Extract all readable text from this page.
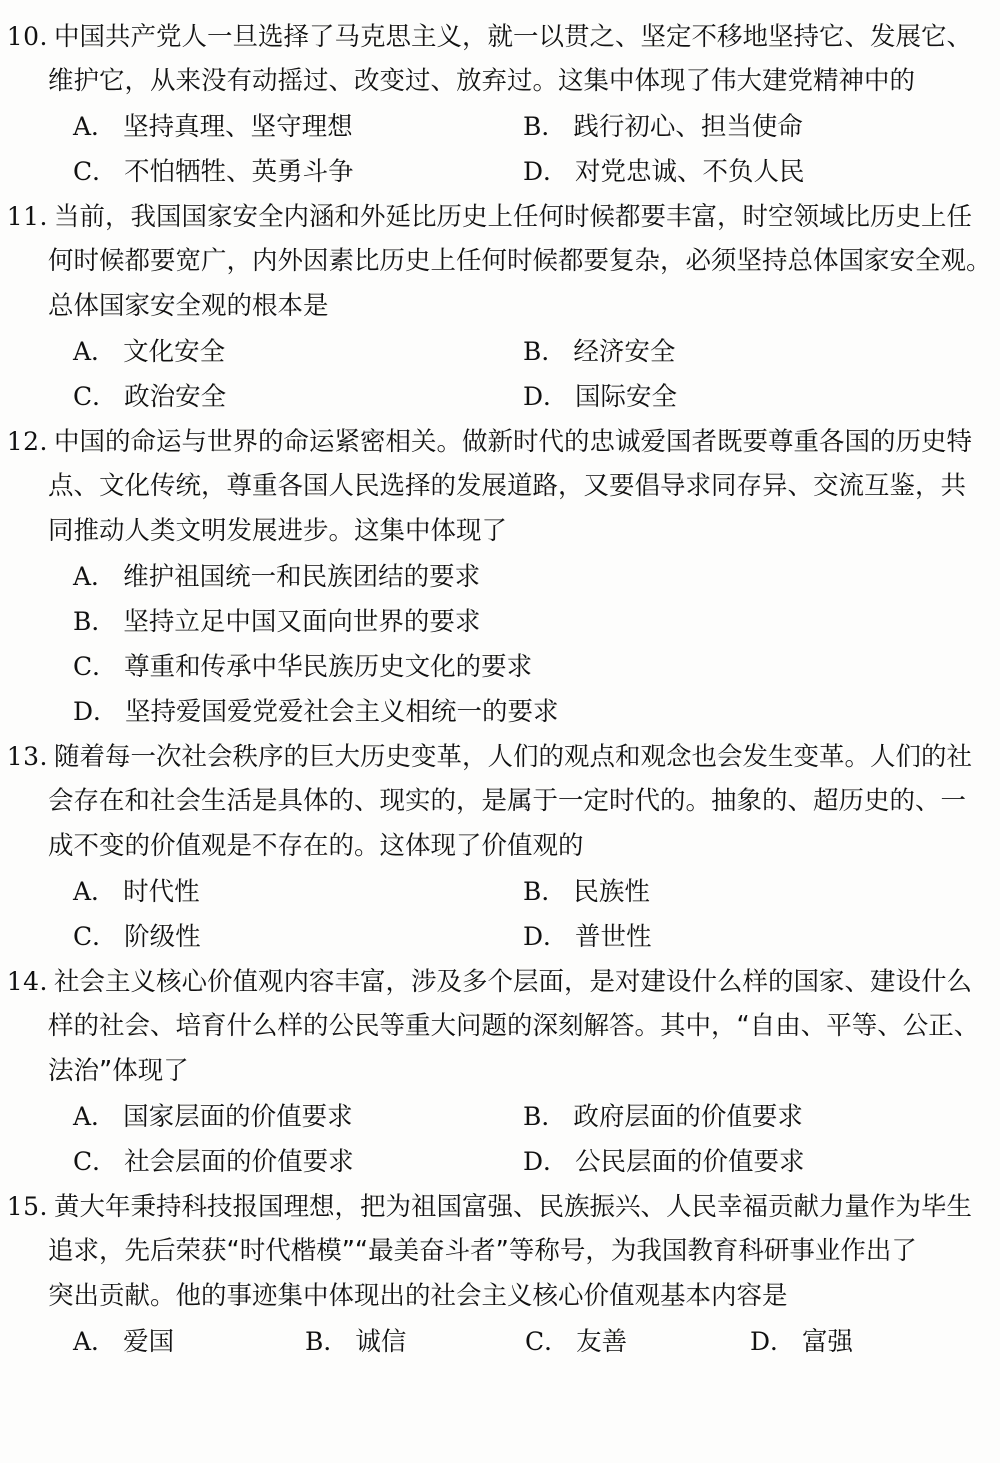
10. 中国共产党人一旦选择了马克思主义，就一以贯之、坚定不移地坚持它、发展它、
维护它，从来没有动摇过、改变过、放弃过。这集中体现了伟大建党精神中的
A． 坚持真理、坚守理想	B． 践行初心、担当使命
C． 不怕牺牲、英勇斗争	D． 对党忠诚、不负人民
11. 当前，我国国家安全内涵和外延比历史上任何时候都要丰富，时空领域比历史上任
何时候都要宽广，内外因素比历史上任何时候都要复杂，必须坚持总体国家安全观。
总体国家安全观的根本是
A． 文化安全	B． 经济安全
C． 政治安全	D． 国际安全
12. 中国的命运与世界的命运紧密相关。做新时代的忠诚爱国者既要尊重各国的历史特
点、文化传统，尊重各国人民选择的发展道路，又要倡导求同存异、交流互鉴，共
同推动人类文明发展进步。这集中体现了
A． 维护祖国统一和民族团结的要求
B． 坚持立足中国又面向世界的要求
C． 尊重和传承中华民族历史文化的要求
D． 坚持爱国爱党爱社会主义相统一的要求
13. 随着每一次社会秩序的巨大历史变革，人们的观点和观念也会发生变革。人们的社
会存在和社会生活是具体的、现实的，是属于一定时代的。抽象的、超历史的、一
成不变的价值观是不存在的。这体现了价值观的
A． 时代性	B． 民族性
C． 阶级性	D． 普世性
14. 社会主义核心价值观内容丰富，涉及多个层面，是对建设什么样的国家、建设什么
样的社会、培育什么样的公民等重大问题的深刻解答。其中，“自由、平等、公正、
法治”体现了
A． 国家层面的价值要求	B． 政府层面的价值要求
C． 社会层面的价值要求	D． 公民层面的价值要求
15. 黄大年秉持科技报国理想，把为祖国富强、民族振兴、人民幸福贡献力量作为毕生
追求，先后荣获“时代楷模”“最美奋斗者”等称号，为我国教育科研事业作出了
突出贡献。他的事迹集中体现出的社会主义核心价值观基本内容是
A． 爱国	B． 诚信	C． 友善	D． 富强
